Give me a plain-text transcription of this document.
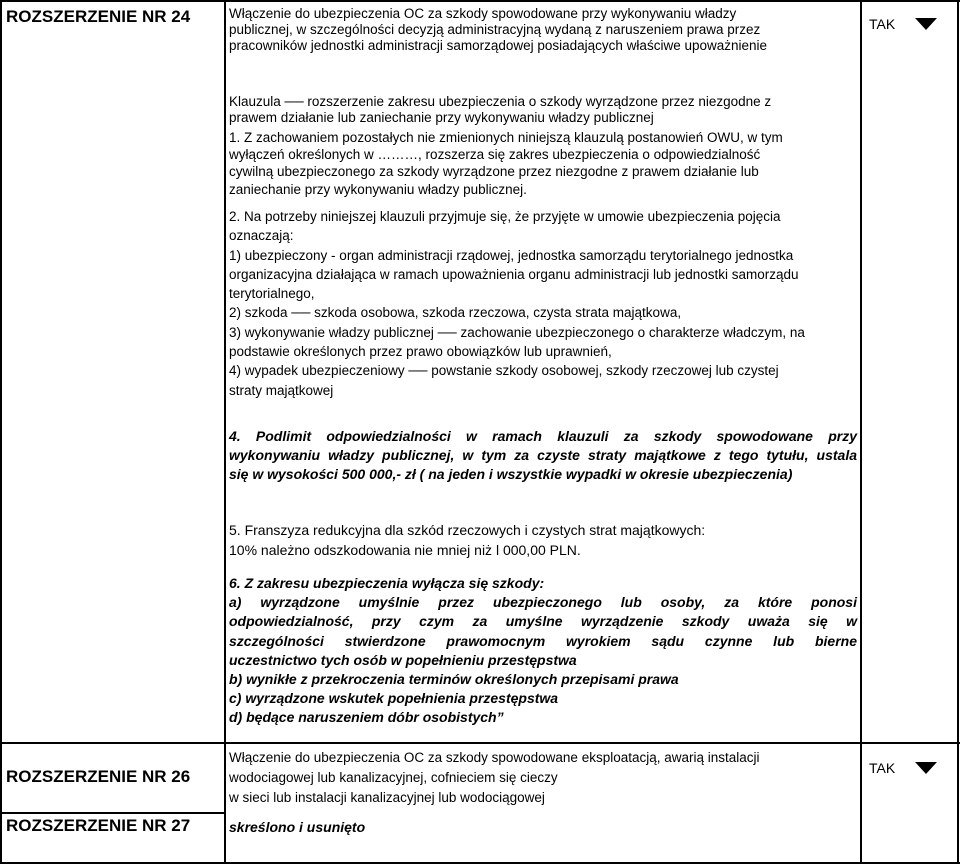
ROZSZERZENIE NR 24	Włączenie do ubezpieczenia OC za szkody spowodowane przy wykonywaniu władzy
publicznej, w szczególności decyzją administracyjną wydaną z naruszeniem prawa przez
pracowników jednostki administracji samorządowej posiadających właściwe upoważnienie
TAK
Klauzula ── rozszerzenie zakresu ubezpieczenia o szkody wyrządzone przez niezgodne z
prawem działanie lub zaniechanie przy wykonywaniu władzy publicznej
1. Z zachowaniem pozostałych nie zmienionych niniejszą klauzulą postanowień OWU, w tym
wyłączeń określonych w ………, rozszerza się zakres ubezpieczenia o odpowiedzialność
cywilną ubezpieczonego za szkody wyrządzone przez niezgodne z prawem działanie lub
zaniechanie przy wykonywaniu władzy publicznej.
2. Na potrzeby niniejszej klauzuli przyjmuje się, że przyjęte w umowie ubezpieczenia pojęcia
oznaczają:
1) ubezpieczony - organ administracji rządowej, jednostka samorządu terytorialnego jednostka
organizacyjna działająca w ramach upoważnienia organu administracji lub jednostki samorządu
terytorialnego,
2) szkoda ── szkoda osobowa, szkoda rzeczowa, czysta strata majątkowa,
3) wykonywanie władzy publicznej ── zachowanie ubezpieczonego o charakterze władczym, na
podstawie określonych przez prawo obowiązków lub uprawnień,
4) wypadek ubezpieczeniowy ── powstanie szkody osobowej, szkody rzeczowej lub czystej
straty majątkowej
4. Podlimit odpowiedzialności w ramach klauzuli za szkody spowodowane przy
wykonywaniu władzy publicznej, w tym za czyste straty majątkowe z tego tytułu, ustala
się w wysokości 500 000,- zł ( na jeden i wszystkie wypadki w okresie ubezpieczenia)
5. Franszyza redukcyjna dla szkód rzeczowych i czystych strat majątkowych:
10% należno odszkodowania nie mniej niż l 000,00 PLN.
6. Z zakresu ubezpieczenia wyłącza się szkody:
a) wyrządzone umyślnie przez ubezpieczonego lub osoby, za które ponosi
odpowiedzialność, przy czym za umyślne wyrządzenie szkody uważa się w
szczególności stwierdzone prawomocnym wyrokiem sądu czynne lub bierne
uczestnictwo tych osób w popełnieniu przestępstwa
b) wynikłe z przekroczenia terminów określonych przepisami prawa
c) wyrządzone wskutek popełnienia przestępstwa
d) będące naruszeniem dóbr osobistych”
ROZSZERZENIE NR 26
Włączenie do ubezpieczenia OC za szkody spowodowane eksploatacją, awarią instalacji
wodociagowej lub kanalizacyjnej, cofnieciem się cieczy
w sieci lub instalacji kanalizacyjnej lub wodociągowej
TAK
ROZSZERZENIE NR 27	skreślono i usunięto
